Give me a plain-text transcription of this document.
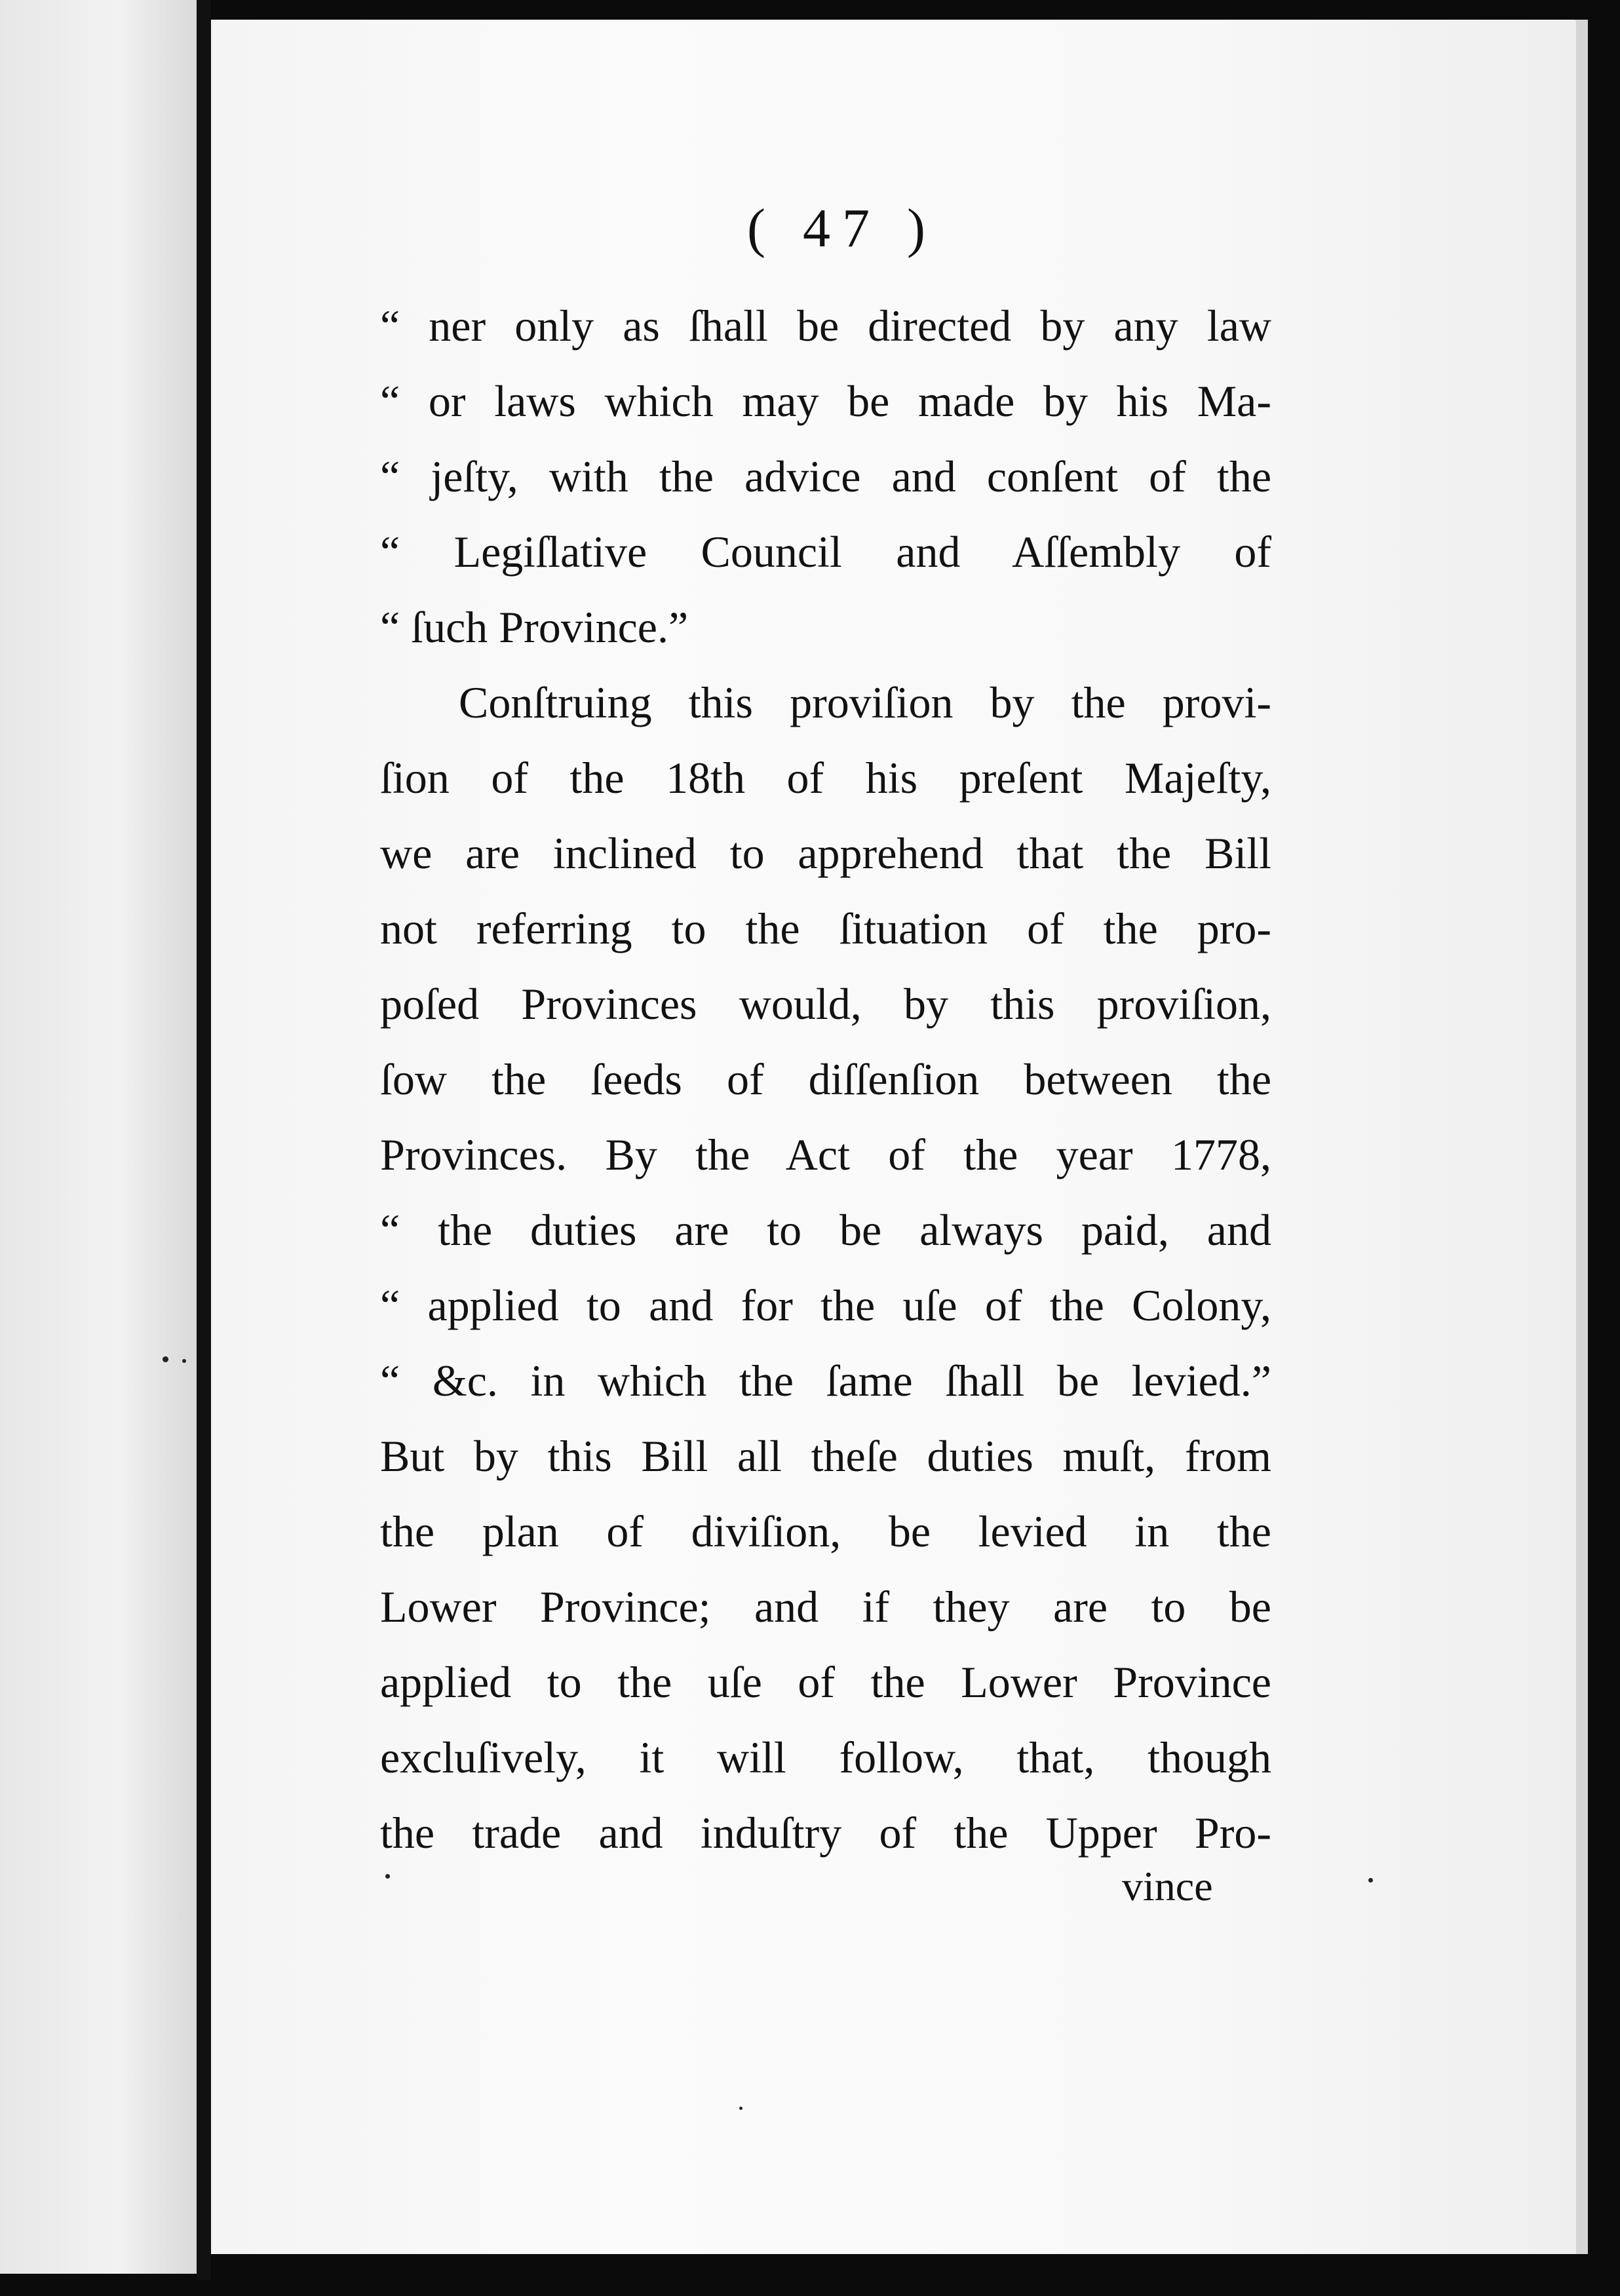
( 47 )
“ ner only as ſhall be directed by any law
“ or laws which may be made by his Ma-
“ jeſty, with the advice and conſent of the
“ Legiſlative Council and Aſſembly of
“ ſuch Province.”
Conſtruing this proviſion by the provi-
ſion of the 18th of his preſent Majeſty,
we are inclined to apprehend that the Bill
not referring to the ſituation of the pro-
poſed Provinces would, by this proviſion,
ſow the ſeeds of diſſenſion between the
Provinces. By the Act of the year 1778,
“ the duties are to be always paid, and
“ applied to and for the uſe of the Colony,
“ &c. in which the ſame ſhall be levied.”
But by this Bill all theſe duties muſt, from
the plan of diviſion, be levied in the
Lower Province; and if they are to be
applied to the uſe of the Lower Province
excluſively, it will follow, that, though
the trade and induſtry of the Upper Pro-
vince
